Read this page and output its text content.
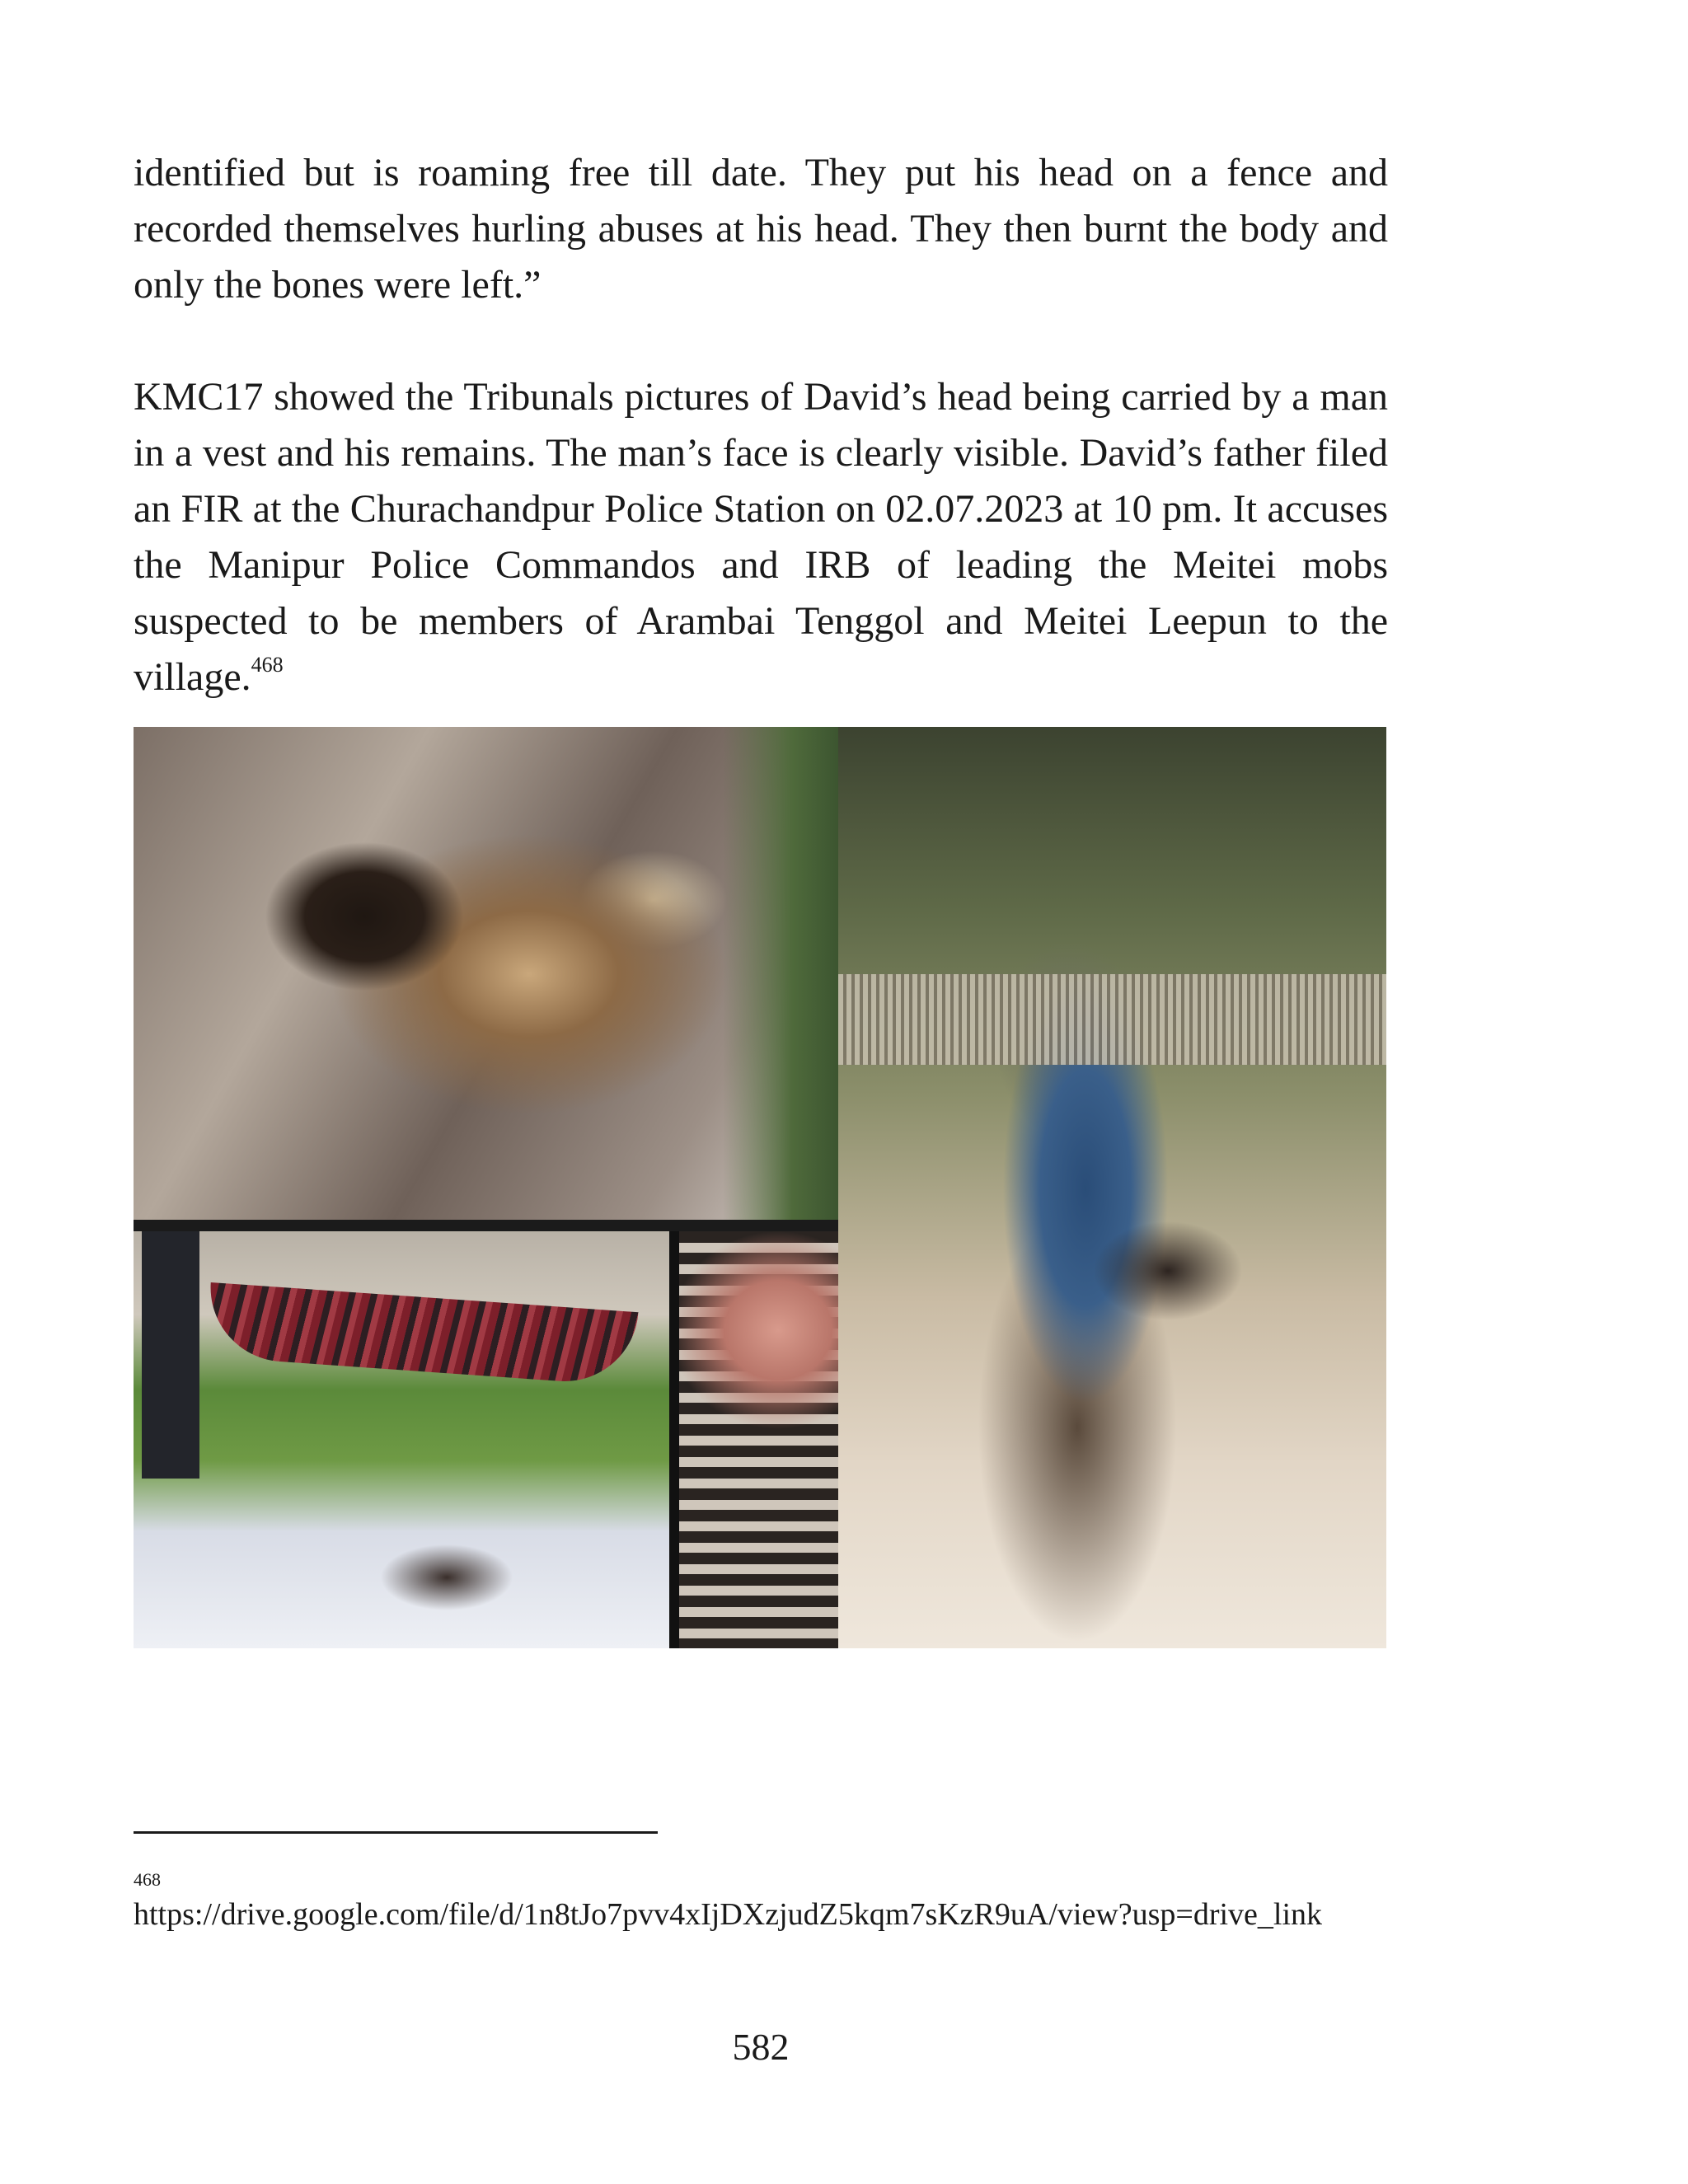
identified but is roaming free till date. They put his head on a fence and recorded themselves hurling abuses at his head. They then burnt the body and only the bones were left.”

KMC17 showed the Tribunals pictures of David’s head being carried by a man in a vest and his remains. The man’s face is clearly visible. David’s father filed an FIR at the Churachandpur Police Station on 02.07.2023 at 10 pm. It accuses the Manipur Police Commandos and IRB of leading the Meitei mobs suspected to be members of Arambai Tenggol and Meitei Leepun to the village.$^{468}$

468
https://drive.google.com/file/d/1n8tJo7pvv4xIjDXzjudZ5kqm7sKzR9uA/view?usp=drive_link
582
